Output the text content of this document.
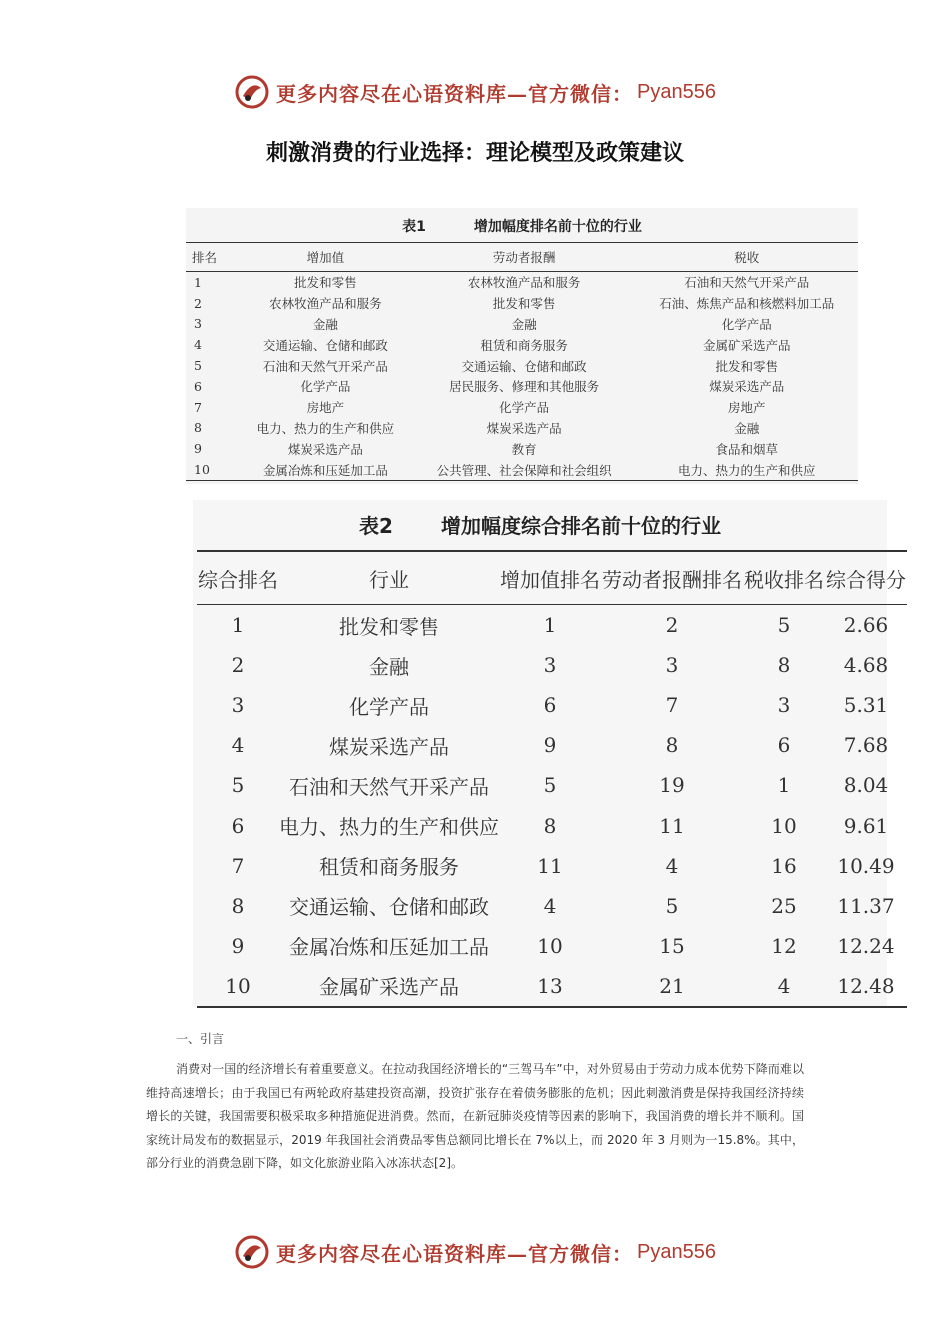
更多内容尽在心语资料库—官方微信： Pyan556
刺激消费的行业选择：理论模型及政策建议
表1	增加幅度排名前十位的行业
排名	增加值	劳动者报酬	税收
1	批发和零售	农林牧渔产品和服务	石油和天然气开采产品
2	农林牧渔产品和服务	批发和零售	石油、炼焦产品和核燃料加工品
3	金融	金融	化学产品
4	交通运输、仓储和邮政	租赁和商务服务	金属矿采选产品
5	石油和天然气开采产品	交通运输、仓储和邮政	批发和零售
6	化学产品	居民服务、修理和其他服务	煤炭采选产品
7	房地产	化学产品	房地产
8	电力、热力的生产和供应	煤炭采选产品	金融
9	煤炭采选产品	教育	食品和烟草
10	金属冶炼和压延加工品	公共管理、社会保障和社会组织	电力、热力的生产和供应
表2 增加幅度综合排名前十位的行业
综合排名	行业	增加值排名	劳动者报酬排名	税收排名	综合得分
1	批发和零售	1	2	5	2.66
2	金融	3	3	8	4.68
3	化学产品	6	7	3	5.31
4	煤炭采选产品	9	8	6	7.68
5	石油和天然气开采产品	5	19	1	8.04
6	电力、热力的生产和供应	8	11	10	9.61
7	租赁和商务服务	11	4	16	10.49
8	交通运输、仓储和邮政	4	5	25	11.37
9	金属冶炼和压延加工品	10	15	12	12.24
10	金属矿采选产品	13	21	4	12.48
一、引言
消费对一国的经济增长有着重要意义。在拉动我国经济增长的“三驾马车”中，对外贸易由于劳动力成本优势下降而难以维持高速增长；由于我国已有两轮政府基建投资高潮，投资扩张存在着债务膨胀的危机；因此刺激消费是保持我国经济持续增长的关键，我国需要积极采取多种措施促进消费。然而，在新冠肺炎疫情等因素的影响下，我国消费的增长并不顺利。国家统计局发布的数据显示，2019 年我国社会消费品零售总额同比增长在 7%以上，而 2020 年 3 月则为一15.8%。其中，部分行业的消费急剧下降，如文化旅游业陷入冰冻状态[2]。
更多内容尽在心语资料库—官方微信： Pyan556
